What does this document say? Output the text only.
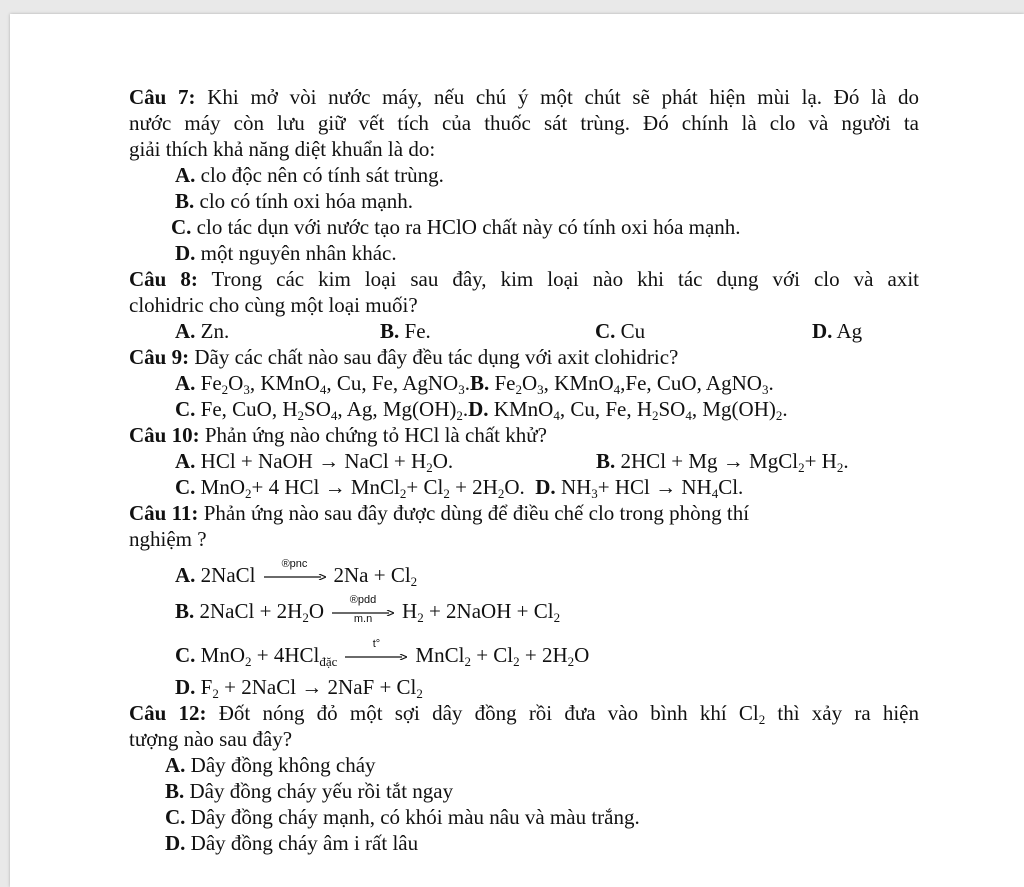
Câu 7: Khi mở vòi nước máy, nếu chú ý một chút sẽ phát hiện mùi lạ. Đó là do
nước máy còn lưu giữ vết tích của thuốc sát trùng. Đó chính là clo và người ta
giải thích khả năng diệt khuẩn là do:
A. clo độc nên có tính sát trùng.
B. clo có tính oxi hóa mạnh.
C. clo tác dụn với nước tạo ra HClO chất này có tính oxi hóa mạnh.
D. một nguyên nhân khác.
Câu 8: Trong các kim loại sau đây, kim loại nào khi tác dụng với clo và axit
clohidric cho cùng một loại muối?
A. Zn.	B. Fe.	C. Cu	D. Ag
Câu 9: Dãy các chất nào sau đây đều tác dụng với axit clohidric?
A. $Fe_2O_3$, KMnO$_4$, Cu, Fe, AgNO$_3$.B. $Fe_2O_3$, KMnO$_4$,Fe, CuO, AgNO$_3$.
C. Fe, CuO, $H_2SO_4$, Ag, $Mg(OH)_2.D$. KMnO$_4$, Cu, Fe, $H_2SO_4$, $Mg(OH)_2$.
Câu 10: Phản ứng nào chứng tỏ HCl là chất khử?
A. HCl + NaOH → NaCl + $H_2O$.	B. 2HCl + Mg → MgCl$_2$+ $H_2$.
C. MnO$_2$+ 4 HCl → MnCl$_2$+ $Cl_2 + 2H_2O$. D. $NH_3+$ HCl → $NH_4Cl$.
Câu 11: Phản ứng nào sau đây được dùng để điều chế clo trong phòng thí
nghiệm ?
A. 2NaCl	®pnc	$2Na + Cl_2$
B. 2NaCl + $2H_2O$	®pdd
m.n	$H_2$ + 2NaOH + $Cl_2$
C. MnO$_2$ + 4HCl$_{đặc}$
t°	MnCl$_2$ + $Cl_2 + 2H_2O$
D. $F_2$ + 2NaCl → $2NaF + Cl_2$
Câu 12: Đốt nóng đỏ một sợi dây đồng rồi đưa vào bình khí $Cl_2$ thì xảy ra hiện
tượng nào sau đây?
A. Dây đồng không cháy
B. Dây đồng cháy yếu rồi tắt ngay
C. Dây đồng cháy mạnh, có khói màu nâu và màu trắng.
D. Dây đồng cháy âm i rất lâu
